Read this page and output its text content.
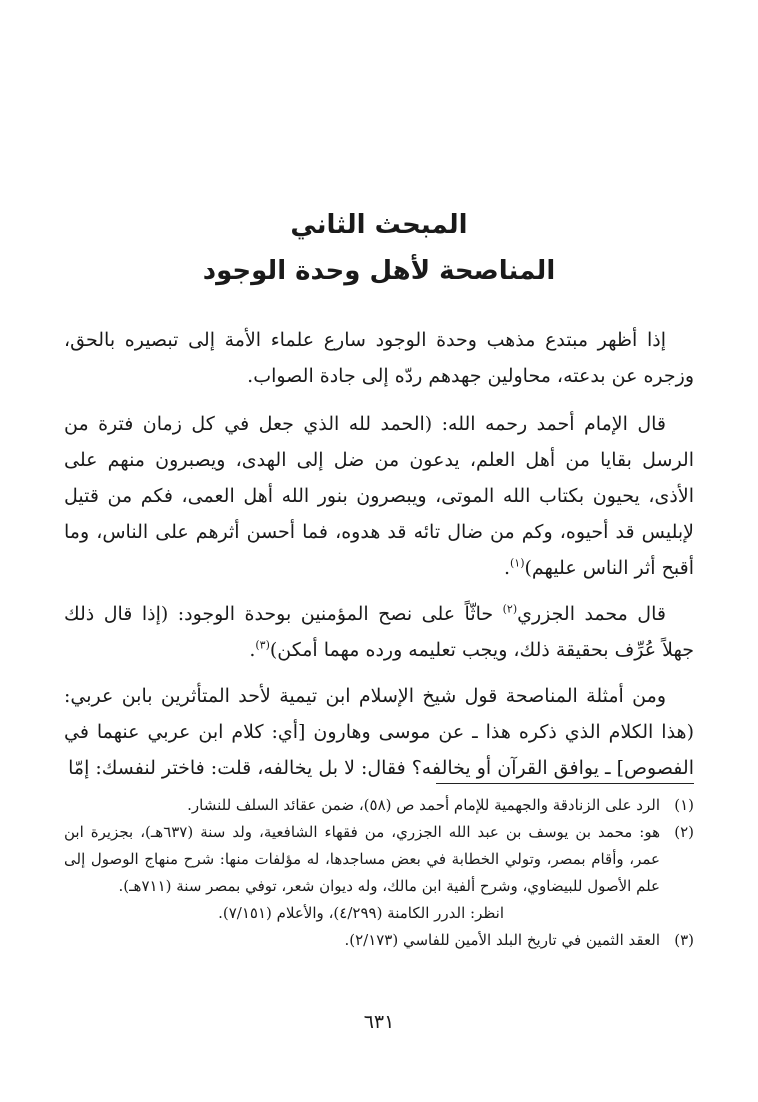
المبحث الثاني
المناصحة لأهل وحدة الوجود

إذا أظهر مبتدع مذهب وحدة الوجود سارع علماء الأمة إلى تبصيره بالحق، وزجره عن بدعته، محاولين جهدهم ردّه إلى جادة الصواب.

قال الإمام أحمد رحمه الله: (الحمد لله الذي جعل في كل زمان فترة من الرسل بقايا من أهل العلم، يدعون من ضل إلى الهدى، ويصبرون منهم على الأذى، يحيون بكتاب الله الموتى، ويبصرون بنور الله أهل العمى، فكم من قتيل لإبليس قد أحيوه، وكم من ضال تائه قد هدوه، فما أحسن أثرهم على الناس، وما أقبح أثر الناس عليهم)$^{(١)}$.

قال محمد الجزري$^{(٢)}$ حاثّاً على نصح المؤمنين بوحدة الوجود: (إذا قال ذلك جهلاً عُرِّف بحقيقة ذلك، ويجب تعليمه ورده مهما أمكن)$^{(٣)}$.

ومن أمثلة المناصحة قول شيخ الإسلام ابن تيمية لأحد المتأثرين بابن عربي: (هذا الكلام الذي ذكره هذا ـ عن موسى وهارون [أي: كلام ابن عربي عنهما في الفصوص] ـ يوافق القرآن أو يخالفه؟ فقال: لا بل يخالفه، قلت: فاختر لنفسك: إمّا

(١)
الرد على الزنادقة والجهمية للإمام أحمد ص (٥٨)، ضمن عقائد السلف للنشار.
(٢)
هو: محمد بن يوسف بن عبد الله الجزري، من فقهاء الشافعية، ولد سنة (٦٣٧هـ)، بجزيرة ابن عمر، وأقام بمصر، وتولي الخطابة في بعض مساجدها، له مؤلفات منها: شرح منهاج الوصول إلى علم الأصول للبيضاوي، وشرح ألفية ابن مالك، وله ديوان شعر، توفي بمصر سنة (٧١١هـ).

انظر: الدرر الكامنة (٤/٢٩٩)، والأعلام (٧/١٥١).

(٣)
العقد الثمين في تاريخ البلد الأمين للفاسي (٢/١٧٣).
٦٣١
